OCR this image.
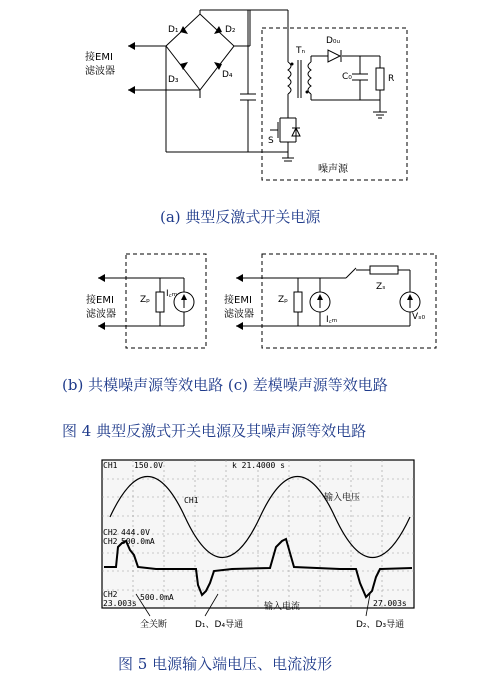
接EMI
滤波器
D₁	D₂
D₃	D₄
Tₙ
D₀ᵤ
C₀	R
S
噪声源
(a) 典型反激式开关电源
接EMI
滤波器
Zₚ
I꜀ₘ
接EMI
滤波器
Zₚ
I꜀ₘ
Zₛ
Vₛ₀
(b) 共模噪声源等效电路 (c) 差模噪声源等效电路
图 4 典型反激式开关电源及其噪声源等效电路
CH1 150.0V	k 21.4000 s
CH1	输入电压
CH2 444.0V
CH2 500.0mA
CH2
23.003s
500.0mA
27.003s
输入电流
全关断	D₁、D₄导通	D₂、D₃导通
图 5 电源输入端电压、电流波形
